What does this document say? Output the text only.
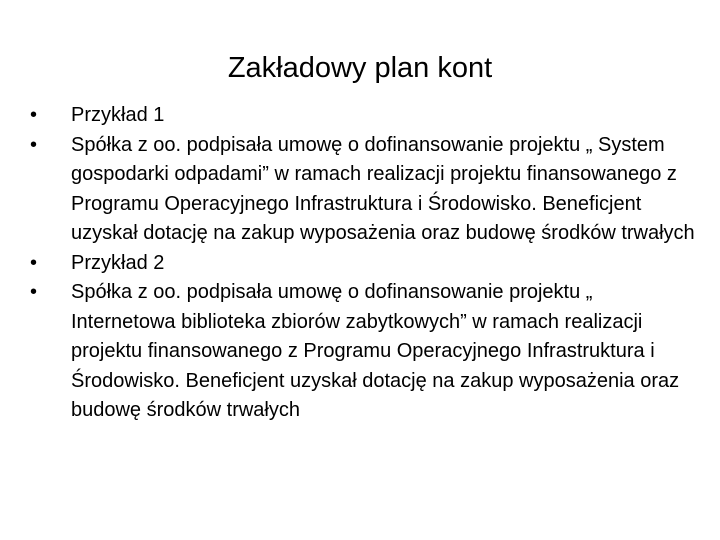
Zakładowy plan kont
•	Przykład 1
•	Spółka z oo. podpisała umowę o dofinansowanie projektu „ System gospodarki odpadami” w ramach realizacji projektu finansowanego z Programu Operacyjnego Infrastruktura i Środowisko. Beneficjent uzyskał dotację na zakup wyposażenia oraz budowę środków trwałych
•	Przykład 2
•	Spółka z oo. podpisała umowę o dofinansowanie projektu „ Internetowa biblioteka zbiorów zabytkowych” w ramach realizacji projektu finansowanego z Programu Operacyjnego Infrastruktura i Środowisko. Beneficjent uzyskał dotację na zakup wyposażenia oraz budowę środków trwałych
